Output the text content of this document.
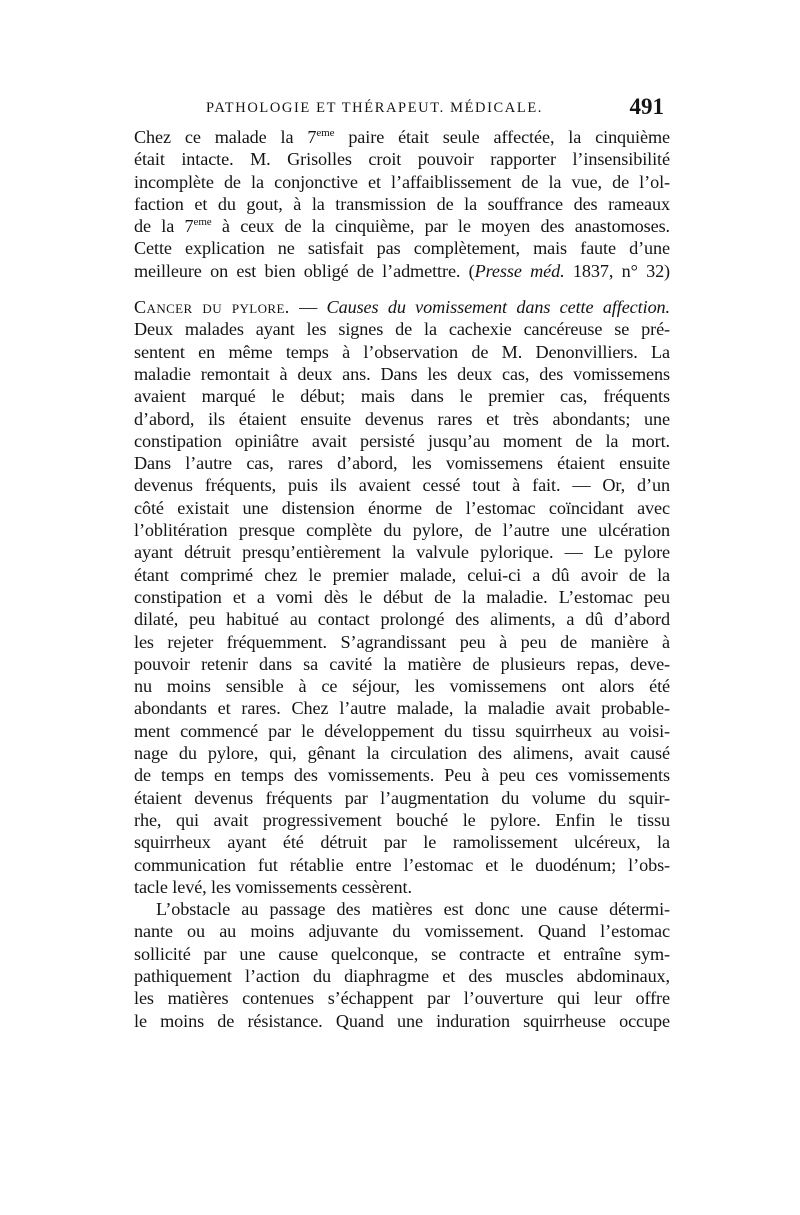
PATHOLOGIE ET THÉRAPEUT. MÉDICALE.	491
Chez ce malade la 7eme paire était seule affectée, la cinquième
était intacte. M. Grisolles croit pouvoir rapporter l’insensibilité
incomplète de la conjonctive et l’affaiblissement de la vue, de l’ol-
faction et du gout, à la transmission de la souffrance des rameaux
de la 7eme à ceux de la cinquième, par le moyen des anastomoses.
Cette explication ne satisfait pas complètement, mais faute d’une
meilleure on est bien obligé de l’admettre. (Presse méd. 1837, n° 32)
Cancer du pylore. — Causes du vomissement dans cette affection.
Deux malades ayant les signes de la cachexie cancéreuse se pré-
sentent en même temps à l’observation de M. Denonvilliers. La
maladie remontait à deux ans. Dans les deux cas, des vomissemens
avaient marqué le début; mais dans le premier cas, fréquents
d’abord, ils étaient ensuite devenus rares et très abondants; une
constipation opiniâtre avait persisté jusqu’au moment de la mort.
Dans l’autre cas, rares d’abord, les vomissemens étaient ensuite
devenus fréquents, puis ils avaient cessé tout à fait. — Or, d’un
côté existait une distension énorme de l’estomac coïncidant avec
l’oblitération presque complète du pylore, de l’autre une ulcération
ayant détruit presqu’entièrement la valvule pylorique. — Le pylore
étant comprimé chez le premier malade, celui-ci a dû avoir de la
constipation et a vomi dès le début de la maladie. L’estomac peu
dilaté, peu habitué au contact prolongé des aliments, a dû d’abord
les rejeter fréquemment. S’agrandissant peu à peu de manière à
pouvoir retenir dans sa cavité la matière de plusieurs repas, deve-
nu moins sensible à ce séjour, les vomissemens ont alors été
abondants et rares. Chez l’autre malade, la maladie avait probable-
ment commencé par le développement du tissu squirrheux au voisi-
nage du pylore, qui, gênant la circulation des alimens, avait causé
de temps en temps des vomissements. Peu à peu ces vomissements
étaient devenus fréquents par l’augmentation du volume du squir-
rhe, qui avait progressivement bouché le pylore. Enfin le tissu
squirrheux ayant été détruit par le ramolissement ulcéreux, la
communication fut rétablie entre l’estomac et le duodénum; l’obs-
tacle levé, les vomissements cessèrent.
L’obstacle au passage des matières est donc une cause détermi-
nante ou au moins adjuvante du vomissement. Quand l’estomac
sollicité par une cause quelconque, se contracte et entraîne sym-
pathiquement l’action du diaphragme et des muscles abdominaux,
les matières contenues s’échappent par l’ouverture qui leur offre
le moins de résistance. Quand une induration squirrheuse occupe
